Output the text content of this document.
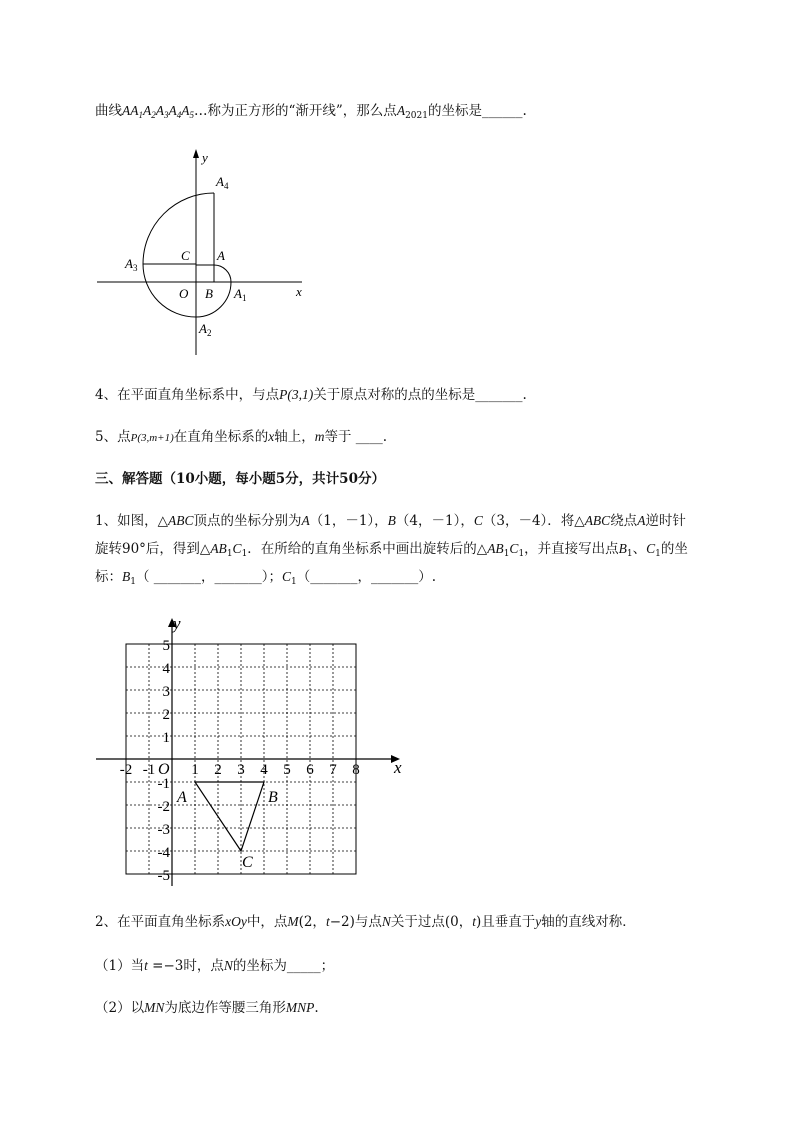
曲线$AA_1A_2A_3A_4A_5\dots$称为正方形的“渐开线”，那么点$A_{2021}$的坐标是______.
y
x
O B
C A
$A_1$
$A_2$
$A_3$
$A_4$
x
y
O
-2 -1 1 2 3 4 5 6 7 8
5
4
3
2
1
-1
-2
-3
-4
-5
A	B
C
4、在平面直角坐标系中，与点P(3,1)关于原点对称的点的坐标是_______.
5、点P(3,m+1)在直角坐标系的x轴上，m等于 ____.
三、解答题（10小题，每小题5分，共计50分）
1、如图，△ABC顶点的坐标分别为A（1，－1），B（4，－1），C（3，－4）．将△ABC绕点A逆时针
旋转90°后，得到$\triangle AB_1C_1$．在所给的直角坐标系中画出旋转后的$\triangle AB_1C_1$，并直接写出点$B_1$、$C_1$的坐
标：$B_1$（ _______，_______）；$C_1(\_\_\_\_\_\_\_$，_______）.
2、在平面直角坐标系xOy中，点M(2，t−2)与点N关于过点(0，t)且垂直于y轴的直线对称．
（1）当t =−3时，点N的坐标为_____；
（2）以MN为底边作等腰三角形MNP.
